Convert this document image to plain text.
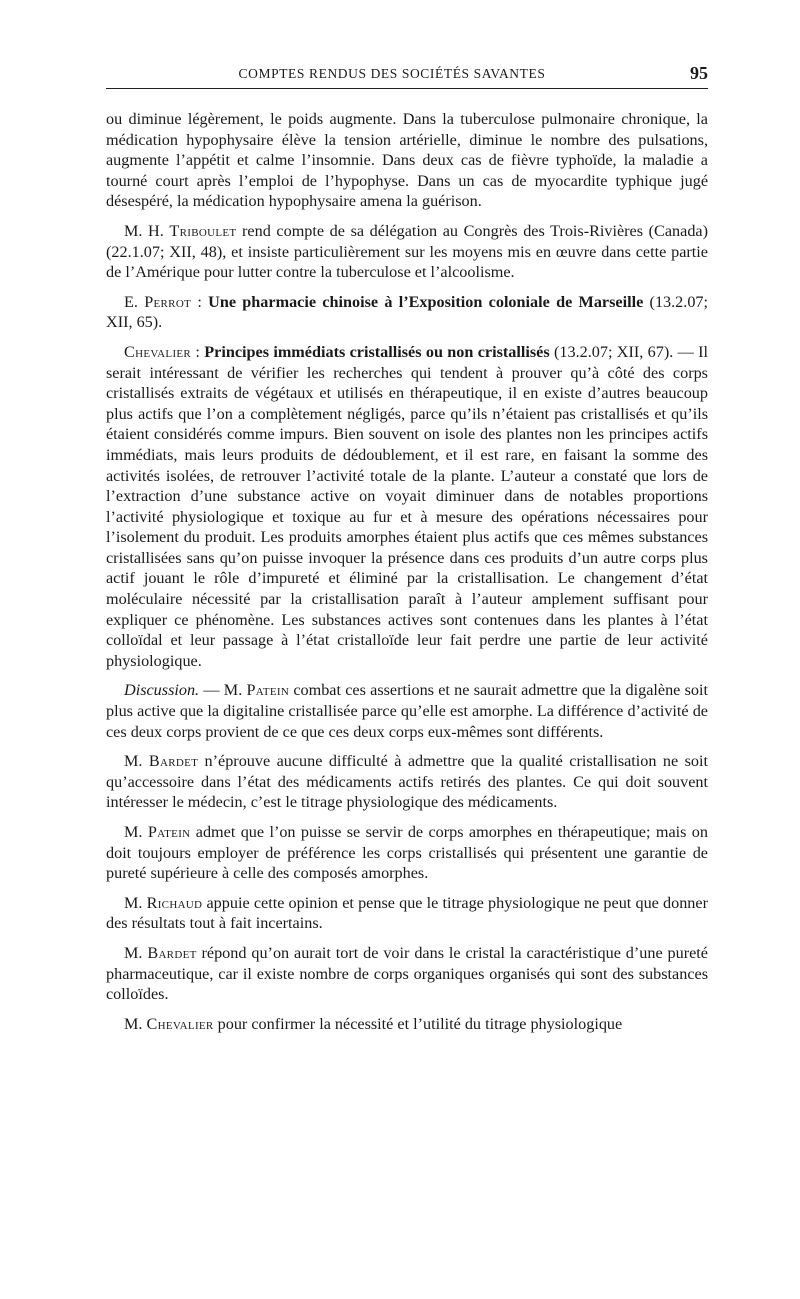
COMPTES RENDUS DES SOCIÉTÉS SAVANTES	95

ou diminue légèrement, le poids augmente. Dans la tuberculose pulmonaire chronique, la médication hypophysaire élève la tension artérielle, diminue le nombre des pulsations, augmente l’appétit et calme l’insomnie. Dans deux cas de fièvre typhoïde, la maladie a tourné court après l’emploi de l’hypophyse. Dans un cas de myocardite typhique jugé désespéré, la médication hypophysaire amena la guérison.

M. H. Triboulet rend compte de sa délégation au Congrès des Trois-Rivières (Canada) (22.1.07; XII, 48), et insiste particulièrement sur les moyens mis en œuvre dans cette partie de l’Amérique pour lutter contre la tuberculose et l’alcoolisme.

E. Perrot : Une pharmacie chinoise à l’Exposition coloniale de Marseille (13.2.07; XII, 65).

Chevalier : Principes immédiats cristallisés ou non cristallisés (13.2.07; XII, 67). — Il serait intéressant de vérifier les recherches qui tendent à prouver qu’à côté des corps cristallisés extraits de végétaux et utilisés en thérapeutique, il en existe d’autres beaucoup plus actifs que l’on a complètement négligés, parce qu’ils n’étaient pas cristallisés et qu’ils étaient considérés comme impurs. Bien souvent on isole des plantes non les principes actifs immédiats, mais leurs produits de dédoublement, et il est rare, en faisant la somme des activités isolées, de retrouver l’activité totale de la plante. L’auteur a constaté que lors de l’extraction d’une substance active on voyait diminuer dans de notables proportions l’activité physiologique et toxique au fur et à mesure des opérations nécessaires pour l’isolement du produit. Les produits amorphes étaient plus actifs que ces mêmes substances cristallisées sans qu’on puisse invoquer la présence dans ces produits d’un autre corps plus actif jouant le rôle d’impureté et éliminé par la cristallisation. Le changement d’état moléculaire nécessité par la cristallisation paraît à l’auteur amplement suffisant pour expliquer ce phénomène. Les substances actives sont contenues dans les plantes à l’état colloïdal et leur passage à l’état cristalloïde leur fait perdre une partie de leur activité physiologique.

Discussion. — M. Patein combat ces assertions et ne saurait admettre que la digalène soit plus active que la digitaline cristallisée parce qu’elle est amorphe. La différence d’activité de ces deux corps provient de ce que ces deux corps eux-mêmes sont différents.

M. Bardet n’éprouve aucune difficulté à admettre que la qualité cristallisation ne soit qu’accessoire dans l’état des médicaments actifs retirés des plantes. Ce qui doit souvent intéresser le médecin, c’est le titrage physiologique des médicaments.

M. Patein admet que l’on puisse se servir de corps amorphes en thérapeutique; mais on doit toujours employer de préférence les corps cristallisés qui présentent une garantie de pureté supérieure à celle des composés amorphes.

M. Richaud appuie cette opinion et pense que le titrage physiologique ne peut que donner des résultats tout à fait incertains.

M. Bardet répond qu’on aurait tort de voir dans le cristal la caractéristique d’une pureté pharmaceutique, car il existe nombre de corps organiques organisés qui sont des substances colloïdes.

M. Chevalier pour confirmer la nécessité et l’utilité du titrage physiologique
